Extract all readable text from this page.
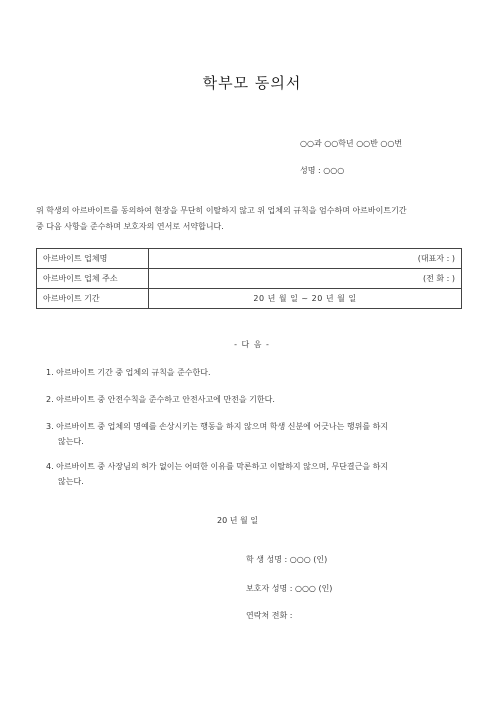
학부모 동의서
○○과 ○○학년 ○○반 ○○번
성명 : ○○○
위 학생의 아르바이트를 동의하여 현장을 무단히 이탈하지 않고 위 업체의 규칙을 엄수하며 아르바이트기간
중 다음 사항을 준수하며 보호자의 연서로 서약합니다.
아르바이트 업체명	(대표자 : )

아르바이트 업체 주소	(전 화 : )

아르바이트 기간	20 년 월 일 ~ 20 년 월 일
- 다 음 -
1. 아르바이트 기간 중 업체의 규칙을 준수한다.
2. 아르바이트 중 안전수칙을 준수하고 안전사고에 만전을 기한다.
3. 아르바이트 중 업체의 명예를 손상시키는 행동을 하지 않으며 학생 신분에 어긋나는 행위를 하지
않는다.
4. 아르바이트 중 사장님의 허가 없이는 어떠한 이유를 막론하고 이탈하지 않으며, 무단결근을 하지
않는다.
20 년 월 일
학 생 성명 : ○○○ (인)
보호자 성명 : ○○○ (인)
연락처 전화 :
